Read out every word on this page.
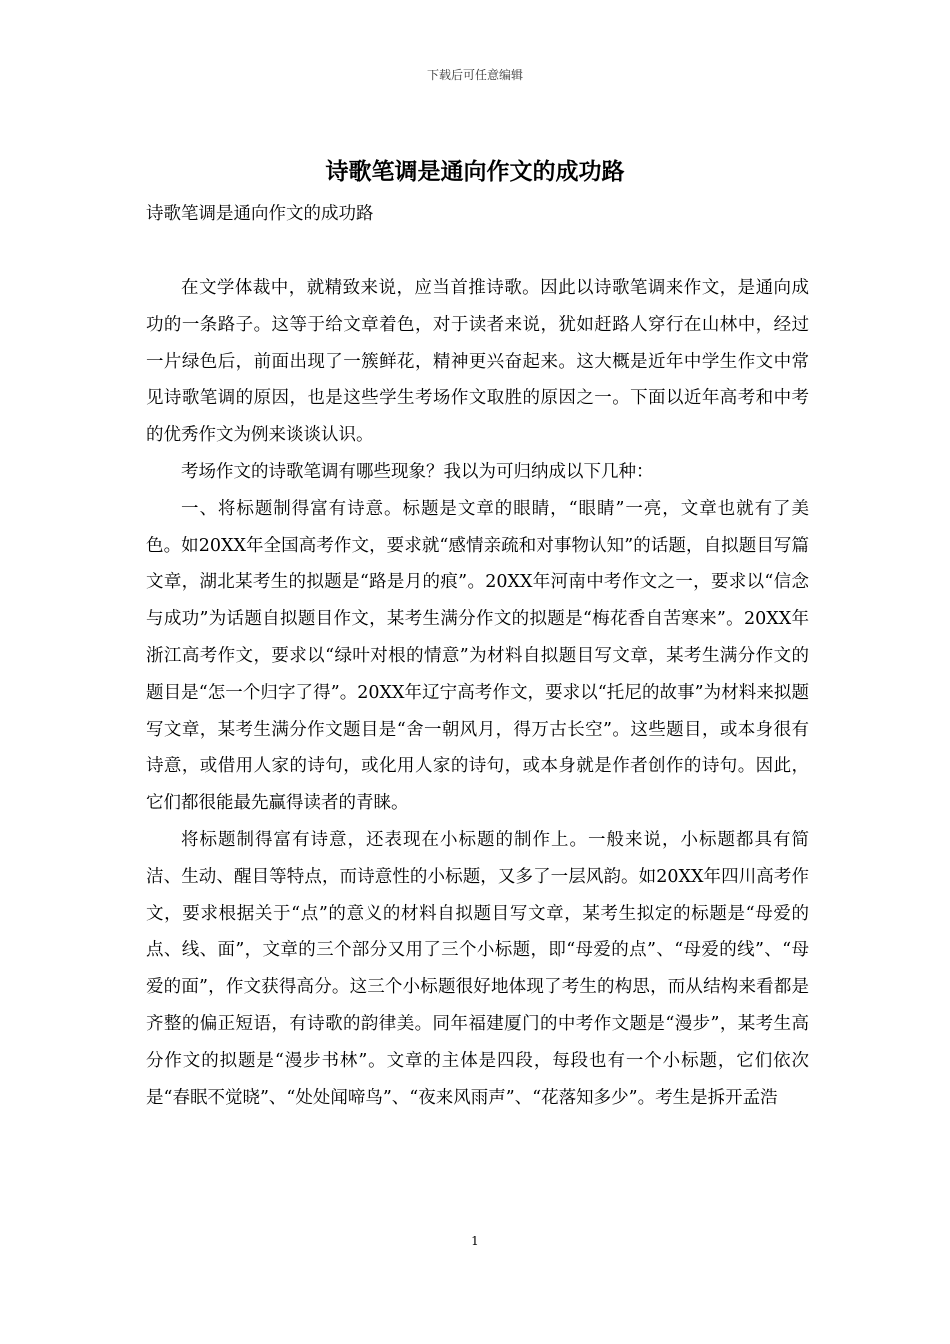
下载后可任意编辑
诗歌笔调是通向作文的成功路
诗歌笔调是通向作文的成功路

在文学体裁中，就精致来说，应当首推诗歌。因此以诗歌笔调来作文，是通向成功的一条路子。这等于给文章着色，对于读者来说，犹如赶路人穿行在山林中，经过一片绿色后，前面出现了一簇鲜花，精神更兴奋起来。这大概是近年中学生作文中常见诗歌笔调的原因，也是这些学生考场作文取胜的原因之一。下面以近年高考和中考的优秀作文为例来谈谈认识。

考场作文的诗歌笔调有哪些现象？我以为可归纳成以下几种：

一、将标题制得富有诗意。标题是文章的眼睛，“眼睛”一亮，文章也就有了美色。如20XX年全国高考作文，要求就“感情亲疏和对事物认知”的话题，自拟题目写篇文章，湖北某考生的拟题是“路是月的痕”。20XX年河南中考作文之一，要求以“信念与成功”为话题自拟题目作文，某考生满分作文的拟题是“梅花香自苦寒来”。20XX年浙江高考作文，要求以“绿叶对根的情意”为材料自拟题目写文章，某考生满分作文的题目是“怎一个归字了得”。20XX年辽宁高考作文，要求以“托尼的故事”为材料来拟题写文章，某考生满分作文题目是“舍一朝风月，得万古长空”。这些题目，或本身很有诗意，或借用人家的诗句，或化用人家的诗句，或本身就是作者创作的诗句。因此，它们都很能最先赢得读者的青睐。

将标题制得富有诗意，还表现在小标题的制作上。一般来说，小标题都具有简洁、生动、醒目等特点，而诗意性的小标题，又多了一层风韵。如20XX年四川高考作文，要求根据关于“点”的意义的材料自拟题目写文章，某考生拟定的标题是“母爱的点、线、面”，文章的三个部分又用了三个小标题，即“母爱的点”、“母爱的线”、“母爱的面”，作文获得高分。这三个小标题很好地体现了考生的构思，而从结构来看都是齐整的偏正短语，有诗歌的韵律美。同年福建厦门的中考作文题是“漫步”，某考生高分作文的拟题是“漫步书林”。文章的主体是四段，每段也有一个小标题，它们依次是“春眠不觉晓”、“处处闻啼鸟”、“夜来风雨声”、“花落知多少”。考生是拆开孟浩

1
